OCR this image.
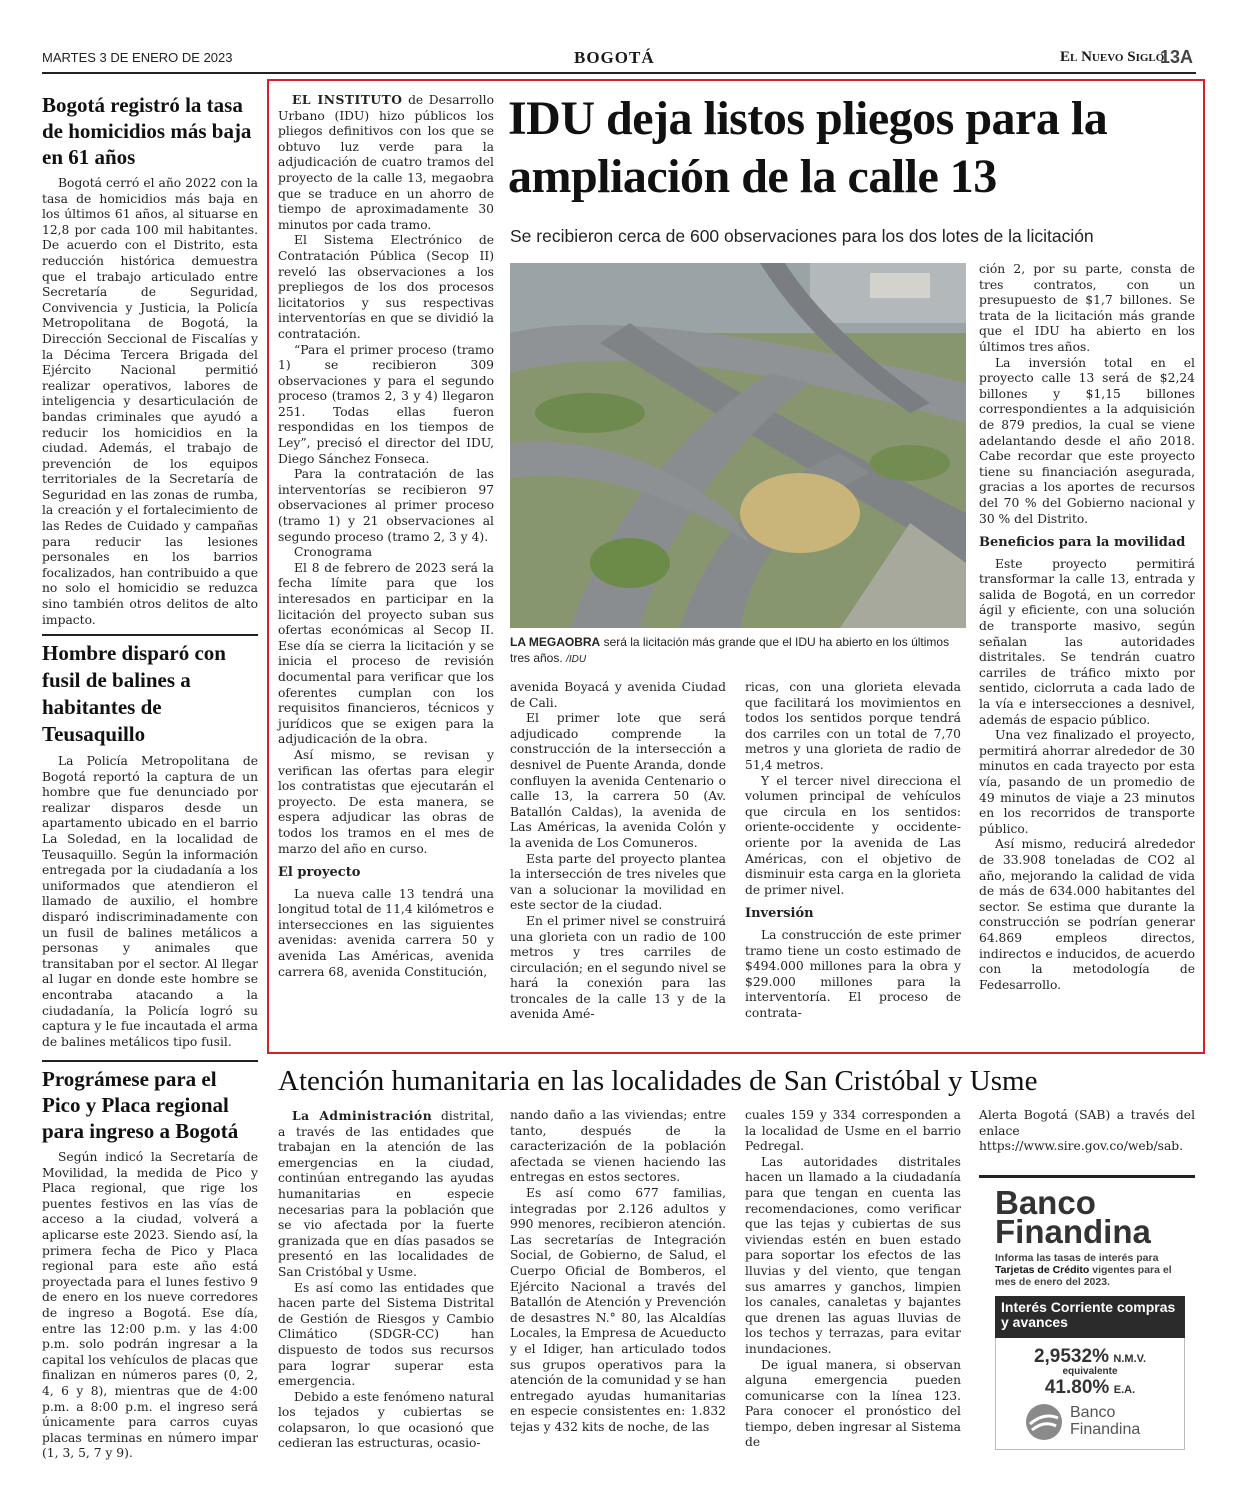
MARTES 3 DE ENERO DE 2023	BOGOTÁ	El Nuevo Siglo
13A
Bogotá registró la tasa de homicidios más baja en 61 años

Bogotá cerró el año 2022 con la tasa de homicidios más baja en los últimos 61 años, al situarse en 12,8 por cada 100 mil habitantes. De acuerdo con el Distrito, esta reducción histórica demuestra que el trabajo articulado entre Secretaría de Seguridad, Convivencia y Justicia, la Policía Metropolitana de Bogotá, la Dirección Seccional de Fiscalías y la Décima Tercera Brigada del Ejército Nacional permitió realizar operativos, labores de inteligencia y desarticulación de bandas criminales que ayudó a reducir los homicidios en la ciudad. Además, el trabajo de prevención de los equipos territoriales de la Secretaría de Seguridad en las zonas de rumba, la creación y el fortalecimiento de las Redes de Cuidado y campañas para reducir las lesiones personales en los barrios focalizados, han contribuido a que no solo el homicidio se reduzca sino también otros delitos de alto impacto.

Hombre disparó con fusil de balines a habitantes de Teusaquillo

La Policía Metropolitana de Bogotá reportó la captura de un hombre que fue denunciado por realizar disparos desde un apartamento ubicado en el barrio La Soledad, en la localidad de Teusaquillo. Según la información entregada por la ciudadanía a los uniformados que atendieron el llamado de auxilio, el hombre disparó indiscriminadamente con un fusil de balines metálicos a personas y animales que transitaban por el sector. Al llegar al lugar en donde este hombre se encontraba atacando a la ciudadanía, la Policía logró su captura y le fue incautada el arma de balines metálicos tipo fusil.

Prográmese para el Pico y Placa regional para ingreso a Bogotá

Según indicó la Secretaría de Movilidad, la medida de Pico y Placa regional, que rige los puentes festivos en las vías de acceso a la ciudad, volverá a aplicarse este 2023. Siendo así, la primera fecha de Pico y Placa regional para este año está proyectada para el lunes festivo 9 de enero en los nueve corredores de ingreso a Bogotá. Ese día, entre las 12:00 p.m. y las 4:00 p.m. solo podrán ingresar a la capital los vehículos de placas que finalizan en números pares (0, 2, 4, 6 y 8), mientras que de 4:00 p.m. a 8:00 p.m. el ingreso será únicamente para carros cuyas placas terminas en número impar (1, 3, 5, 7 y 9).

EL INSTITUTO de Desarrollo Urbano (IDU) hizo públicos los pliegos definitivos con los que se obtuvo luz verde para la adjudicación de cuatro tramos del proyecto de la calle 13, megaobra que se traduce en un ahorro de tiempo de aproximadamente 30 minutos por cada tramo.

El Sistema Electrónico de Contratación Pública (Secop II) reveló las observaciones a los prepliegos de los dos procesos licitatorios y sus respectivas interventorías en que se dividió la contratación.

“Para el primer proceso (tramo 1) se recibieron 309 observaciones y para el segundo proceso (tramos 2, 3 y 4) llegaron 251. Todas ellas fueron respondidas en los tiempos de Ley”, precisó el director del IDU, Diego Sánchez Fonseca.

Para la contratación de las interventorías se recibieron 97 observaciones al primer proceso (tramo 1) y 21 observaciones al segundo proceso (tramo 2, 3 y 4).

Cronograma

El 8 de febrero de 2023 será la fecha límite para que los interesados en participar en la licitación del proyecto suban sus ofertas económicas al Secop II. Ese día se cierra la licitación y se inicia el proceso de revisión documental para verificar que los oferentes cumplan con los requisitos financieros, técnicos y jurídicos que se exigen para la adjudicación de la obra.

Así mismo, se revisan y verifican las ofertas para elegir los contratistas que ejecutarán el proyecto. De esta manera, se espera adjudicar las obras de todos los tramos en el mes de marzo del año en curso.

El proyecto

La nueva calle 13 tendrá una longitud total de 11,4 kilómetros e intersecciones en las siguientes avenidas: avenida carrera 50 y avenida Las Américas, avenida carrera 68, avenida Constitución,

IDU deja listos pliegos para la ampliación de la calle 13
Se recibieron cerca de 600 observaciones para los dos lotes de la licitación
LA MEGAOBRA será la licitación más grande que el IDU ha abierto en los últimos tres años. /IDU

avenida Boyacá y avenida Ciudad de Cali.

El primer lote que será adjudicado comprende la construcción de la intersección a desnivel de Puente Aranda, donde confluyen la avenida Centenario o calle 13, la carrera 50 (Av. Batallón Caldas), la avenida de Las Américas, la avenida Colón y la avenida de Los Comuneros.

Esta parte del proyecto plantea la intersección de tres niveles que van a solucionar la movilidad en este sector de la ciudad.

En el primer nivel se construirá una glorieta con un radio de 100 metros y tres carriles de circulación; en el segundo nivel se hará la conexión para las troncales de la calle 13 y de la avenida Amé-

ricas, con una glorieta elevada que facilitará los movimientos en todos los sentidos porque tendrá dos carriles con un total de 7,70 metros y una glorieta de radio de 51,4 metros.

Y el tercer nivel direcciona el volumen principal de vehículos que circula en los sentidos: oriente-occidente y occidente-oriente por la avenida de Las Américas, con el objetivo de disminuir esta carga en la glorieta de primer nivel.

Inversión

La construcción de este primer tramo tiene un costo estimado de $494.000 millones para la obra y $29.000 millones para la interventoría. El proceso de contrata-

ción 2, por su parte, consta de tres contratos, con un presupuesto de $1,7 billones. Se trata de la licitación más grande que el IDU ha abierto en los últimos tres años.

La inversión total en el proyecto calle 13 será de $2,24 billones y $1,15 billones correspondientes a la adquisición de 879 predios, la cual se viene adelantando desde el año 2018. Cabe recordar que este proyecto tiene su financiación asegurada, gracias a los aportes de recursos del 70 % del Gobierno nacional y 30 % del Distrito.

Beneficios para la movilidad

Este proyecto permitirá transformar la calle 13, entrada y salida de Bogotá, en un corredor ágil y eficiente, con una solución de transporte masivo, según señalan las autoridades distritales. Se tendrán cuatro carriles de tráfico mixto por sentido, ciclorruta a cada lado de la vía e intersecciones a desnivel, además de espacio público.

Una vez finalizado el proyecto, permitirá ahorrar alrededor de 30 minutos en cada trayecto por esta vía, pasando de un promedio de 49 minutos de viaje a 23 minutos en los recorridos de transporte público.

Así mismo, reducirá alrededor de 33.908 toneladas de CO2 al año, mejorando la calidad de vida de más de 634.000 habitantes del sector. Se estima que durante la construcción se podrían generar 64.869 empleos directos, indirectos e inducidos, de acuerdo con la metodología de Fedesarrollo.

Atención humanitaria en las localidades de San Cristóbal y Usme

La Administración distrital, a través de las entidades que trabajan en la atención de las emergencias en la ciudad, continúan entregando las ayudas humanitarias en especie necesarias para la población que se vio afectada por la fuerte granizada que en días pasados se presentó en las localidades de San Cristóbal y Usme.

Es así como las entidades que hacen parte del Sistema Distrital de Gestión de Riesgos y Cambio Climático (SDGR-CC) han dispuesto de todos sus recursos para lograr superar esta emergencia.

Debido a este fenómeno natural los tejados y cubiertas se colapsaron, lo que ocasionó que cedieran las estructuras, ocasio-

nando daño a las viviendas; entre tanto, después de la caracterización de la población afectada se vienen haciendo las entregas en estos sectores.

Es así como 677 familias, integradas por 2.126 adultos y 990 menores, recibieron atención. Las secretarías de Integración Social, de Gobierno, de Salud, el Cuerpo Oficial de Bomberos, el Ejército Nacional a través del Batallón de Atención y Prevención de desastres N.° 80, las Alcaldías Locales, la Empresa de Acueducto y el Idiger, han articulado todos sus grupos operativos para la atención de la comunidad y se han entregado ayudas humanitarias en especie consistentes en: 1.832 tejas y 432 kits de noche, de las

cuales 159 y 334 corresponden a la localidad de Usme en el barrio Pedregal.

Las autoridades distritales hacen un llamado a la ciudadanía para que tengan en cuenta las recomendaciones, como verificar que las tejas y cubiertas de sus viviendas estén en buen estado para soportar los efectos de las lluvias y del viento, que tengan sus amarres y ganchos, limpien los canales, canaletas y bajantes que drenen las aguas lluvias de los techos y terrazas, para evitar inundaciones.

De igual manera, si observan alguna emergencia pueden comunicarse con la línea 123. Para conocer el pronóstico del tiempo, deben ingresar al Sistema de

Alerta Bogotá (SAB) a través del enlace https://www.sire.gov.co/web/sab.

Banco
Finandina
Informa las tasas de interés para Tarjetas de Crédito vigentes para el mes de enero del 2023.
Interés Corriente compras y avances
2,9532% N.M.V.
equivalente
41.80% E.A.
Banco
Finandina
